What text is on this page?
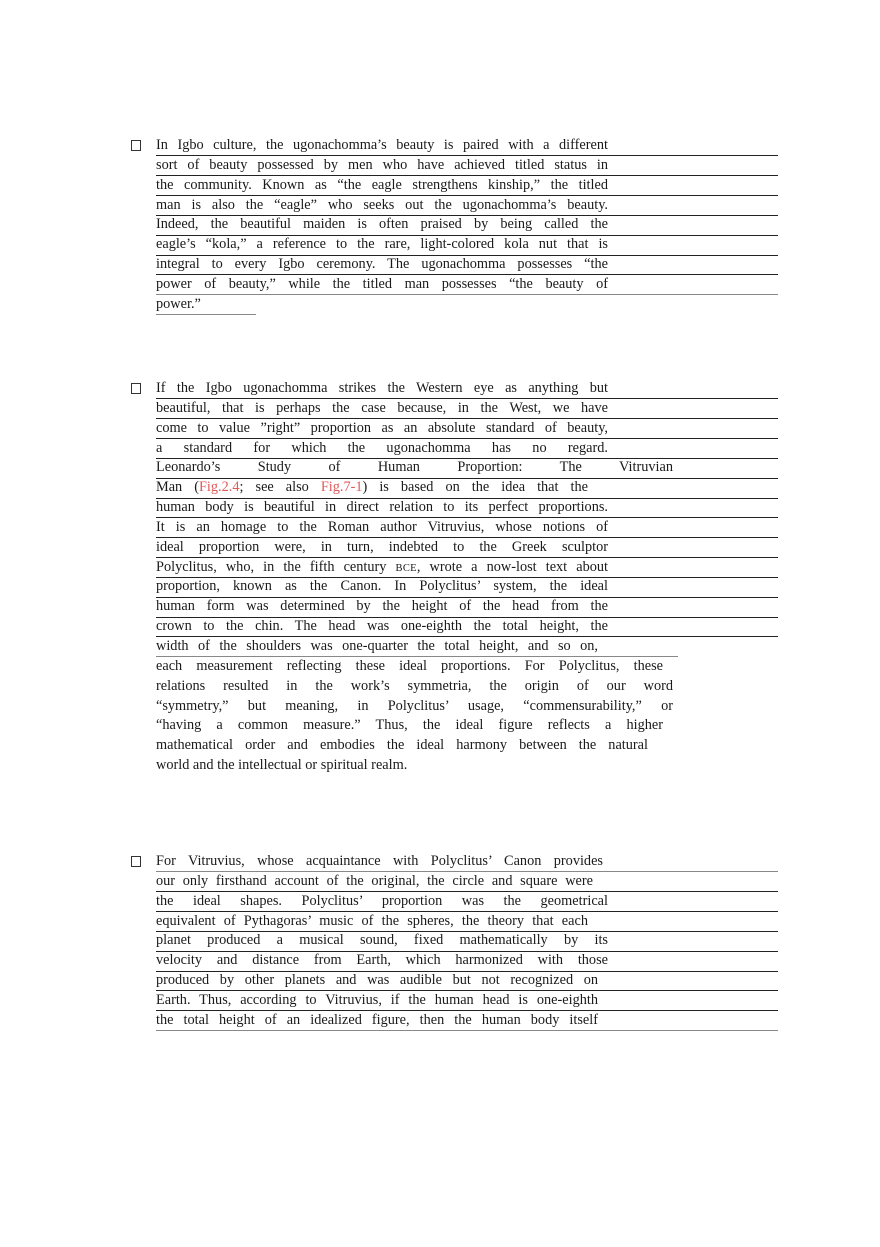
In Igbo culture, the ugonachomma’s beauty is paired with a different
sort of beauty possessed by men who have achieved titled status in
the community. Known as “the eagle strengthens kinship,” the titled
man is also the “eagle” who seeks out the ugonachomma’s beauty.
Indeed, the beautiful maiden is often praised by being called the
eagle’s “kola,” a reference to the rare, light-colored kola nut that is
integral to every Igbo ceremony. The ugonachomma possesses “the
power of beauty,” while the titled man possesses “the beauty of
power.”
If the Igbo ugonachomma strikes the Western eye as anything but
beautiful, that is perhaps the case because, in the West, we have
come to value ”right” proportion as an absolute standard of beauty,
a standard for which the ugonachomma has no regard.
Leonardo’s Study of Human Proportion: The Vitruvian
Man (Fig.2.4; see also Fig.7-1) is based on the idea that the
human body is beautiful in direct relation to its perfect proportions.
It is an homage to the Roman author Vitruvius, whose notions of
ideal proportion were, in turn, indebted to the Greek sculptor
Polyclitus, who, in the fifth century BCE, wrote a now-lost text about
proportion, known as the Canon. In Polyclitus’ system, the ideal
human form was determined by the height of the head from the
crown to the chin. The head was one-eighth the total height, the
width of the shoulders was one-quarter the total height, and so on,
each measurement reflecting these ideal proportions. For Polyclitus, these
relations resulted in the work’s symmetria, the origin of our word
“symmetry,” but meaning, in Polyclitus’ usage, “commensurability,” or
“having a common measure.” Thus, the ideal figure reflects a higher
mathematical order and embodies the ideal harmony between the natural
world and the intellectual or spiritual realm.
For Vitruvius, whose acquaintance with Polyclitus’ Canon provides
our only firsthand account of the original, the circle and square were
the ideal shapes. Polyclitus’ proportion was the geometrical
equivalent of Pythagoras’ music of the spheres, the theory that each
planet produced a musical sound, fixed mathematically by its
velocity and distance from Earth, which harmonized with those
produced by other planets and was audible but not recognized on
Earth. Thus, according to Vitruvius, if the human head is one-eighth
the total height of an idealized figure, then the human body itself
